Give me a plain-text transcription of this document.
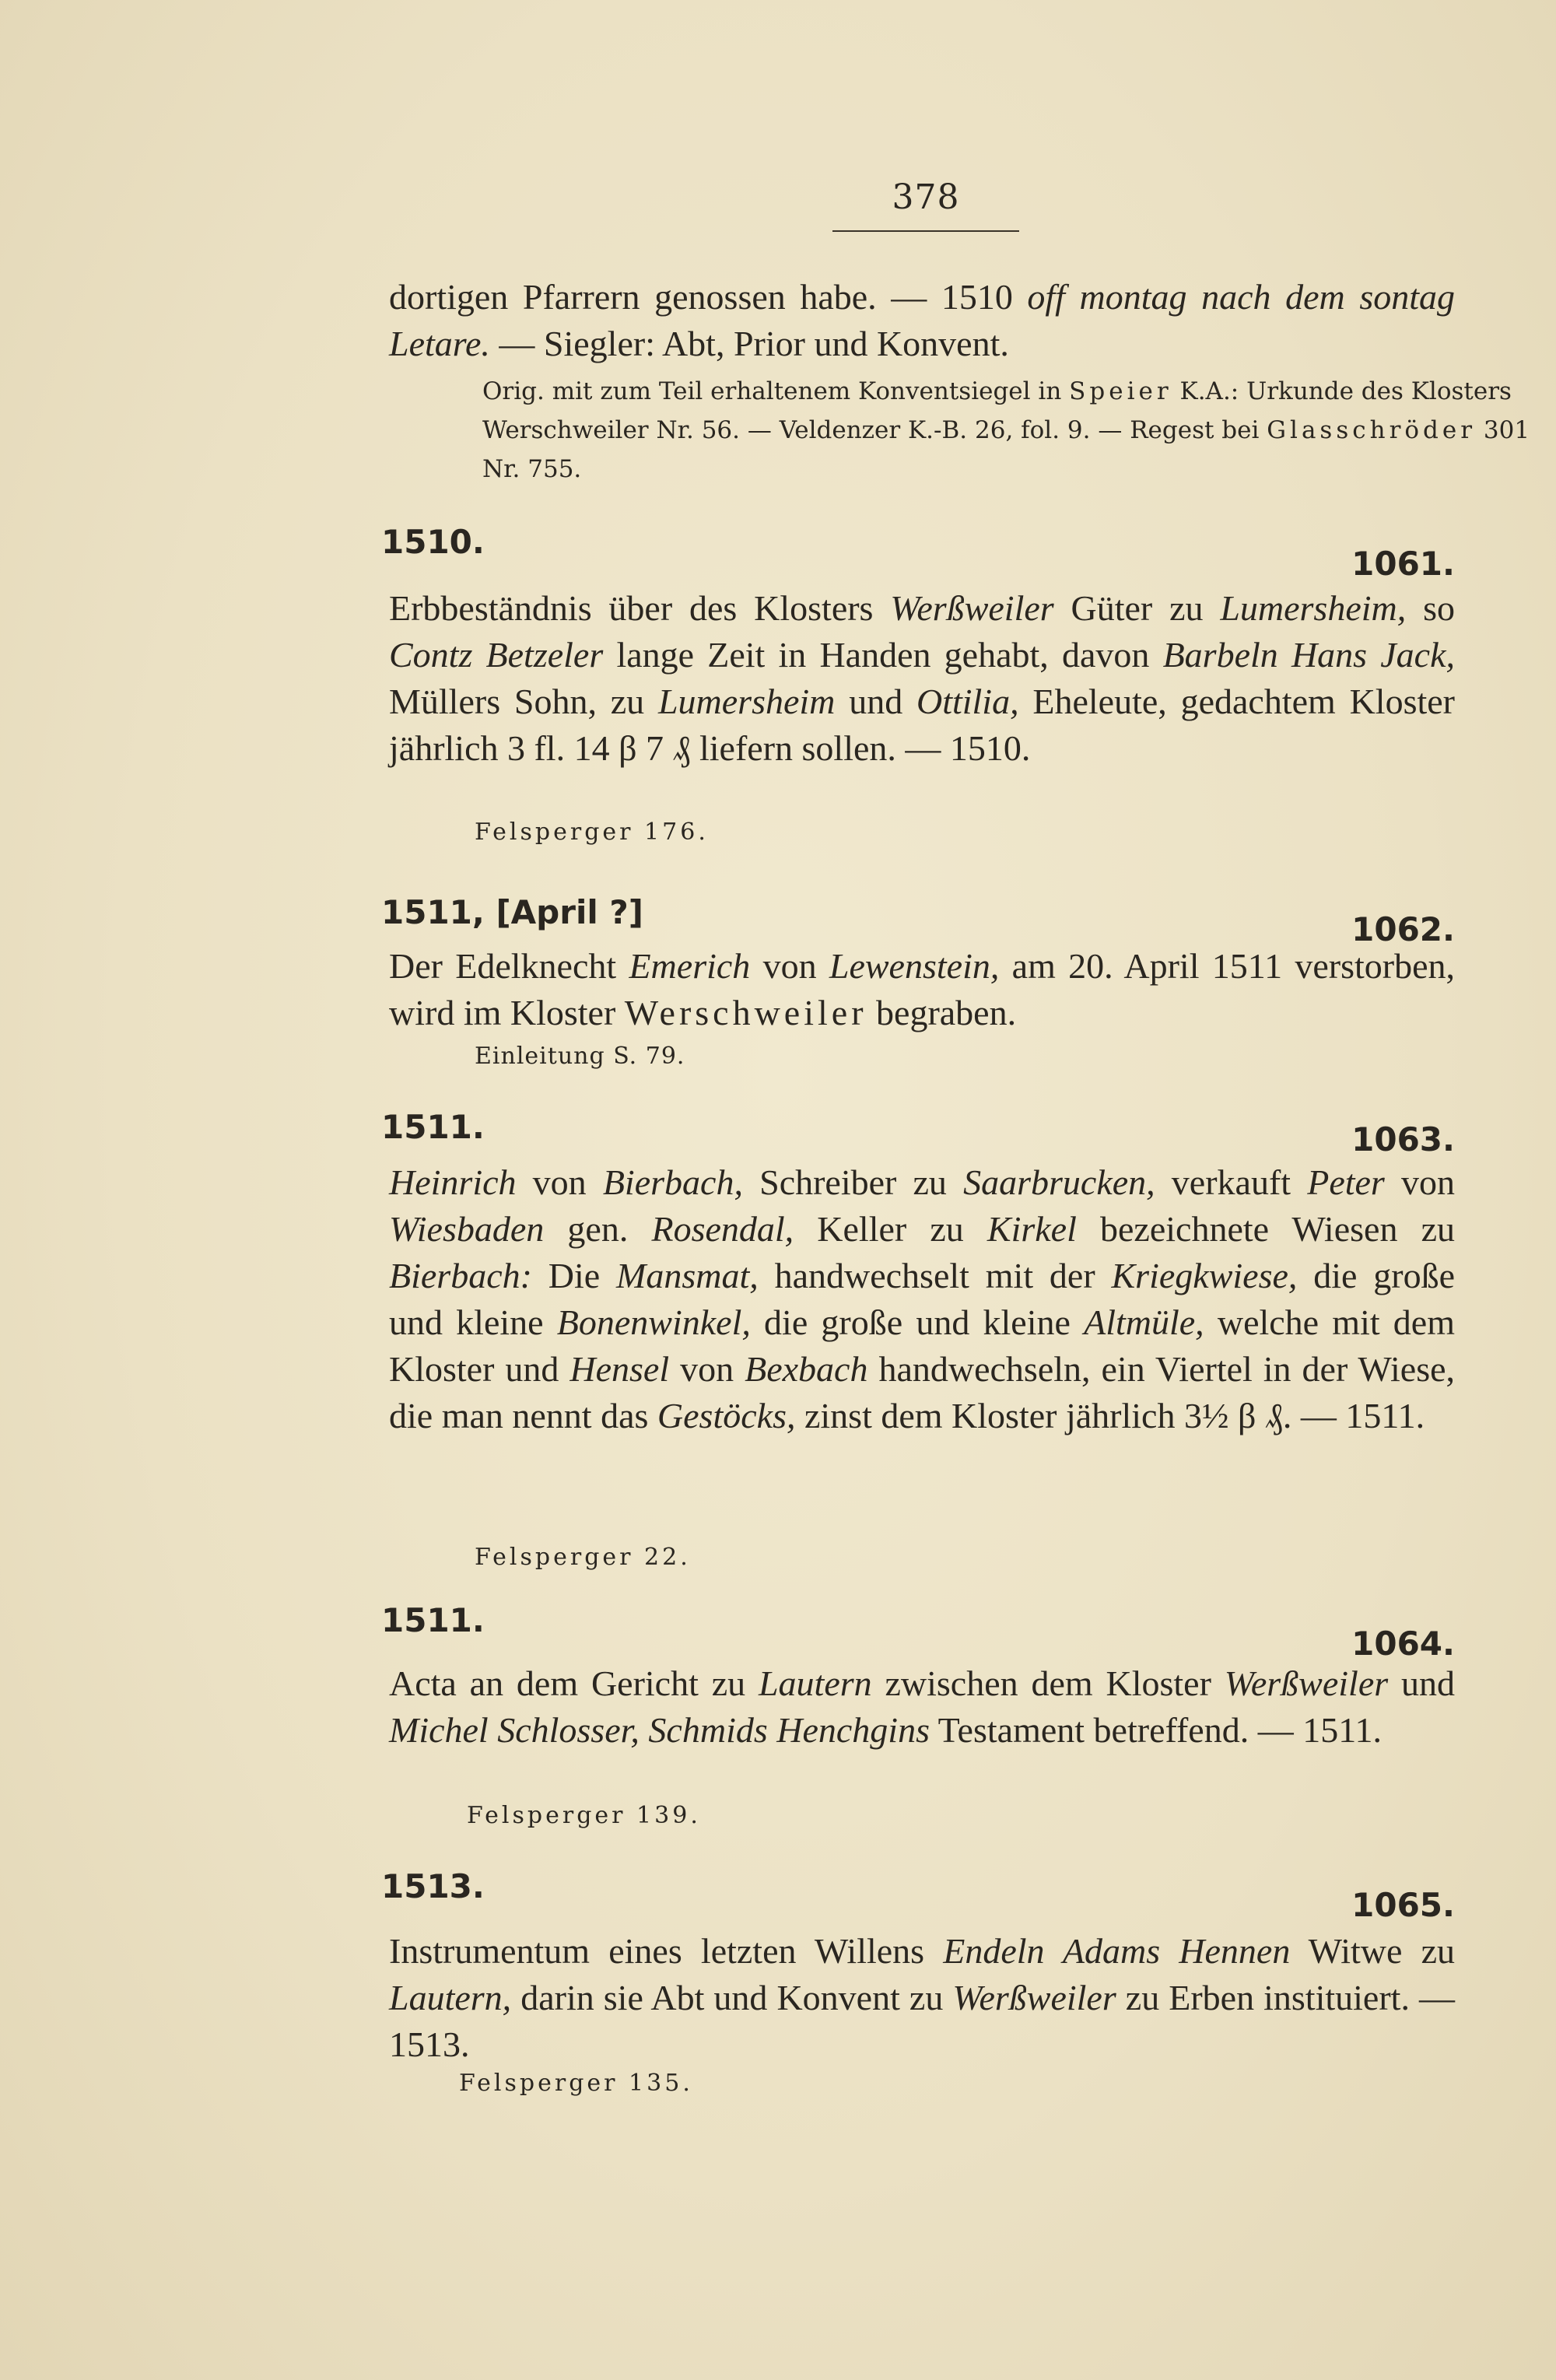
378
dortigen Pfarrern genossen habe. — 1510 off montag nach dem sontag Letare. — Siegler: Abt, Prior und Konvent.
Orig. mit zum Teil erhaltenem Konventsiegel in Speier K.A.: Urkunde des Klosters Werschweiler Nr. 56. — Veldenzer K.-B. 26, fol. 9. — Regest bei Glasschröder 301 Nr. 755.
1510.
1061.
Erbbeständnis über des Klosters Werßweiler Güter zu Lumersheim, so Contz Betzeler lange Zeit in Handen gehabt, davon Barbeln Hans Jack, Müllers Sohn, zu Lumersheim und Ottilia, Eheleute, gedachtem Kloster jährlich 3 fl. 14 β 7 ₰ liefern sollen. — 1510.
Felsperger 176.
1511, [April ?]	1062.
Der Edelknecht Emerich von Lewenstein, am 20. April 1511 verstorben, wird im Kloster Werschweiler begraben.
Einleitung S. 79.
1511.	1063.
Heinrich von Bierbach, Schreiber zu Saarbrucken, verkauft Peter von Wiesbaden gen. Rosendal, Keller zu Kirkel bezeichnete Wiesen zu Bierbach: Die Mansmat, handwechselt mit der Kriegkwiese, die große und kleine Bonenwinkel, die große und kleine Altmüle, welche mit dem Kloster und Hensel von Bexbach handwechseln, ein Viertel in der Wiese, die man nennt das Gestöcks, zinst dem Kloster jährlich 3½ β ₰. — 1511.
Felsperger 22.
1511.
1064.
Acta an dem Gericht zu Lautern zwischen dem Kloster Werßweiler und Michel Schlosser, Schmids Henchgins Testament betreffend. — 1511.
Felsperger 139.
1513.	1065.
Instrumentum eines letzten Willens Endeln Adams Hennen Witwe zu Lautern, darin sie Abt und Konvent zu Werßweiler zu Erben instituiert. — 1513.
Felsperger 135.
